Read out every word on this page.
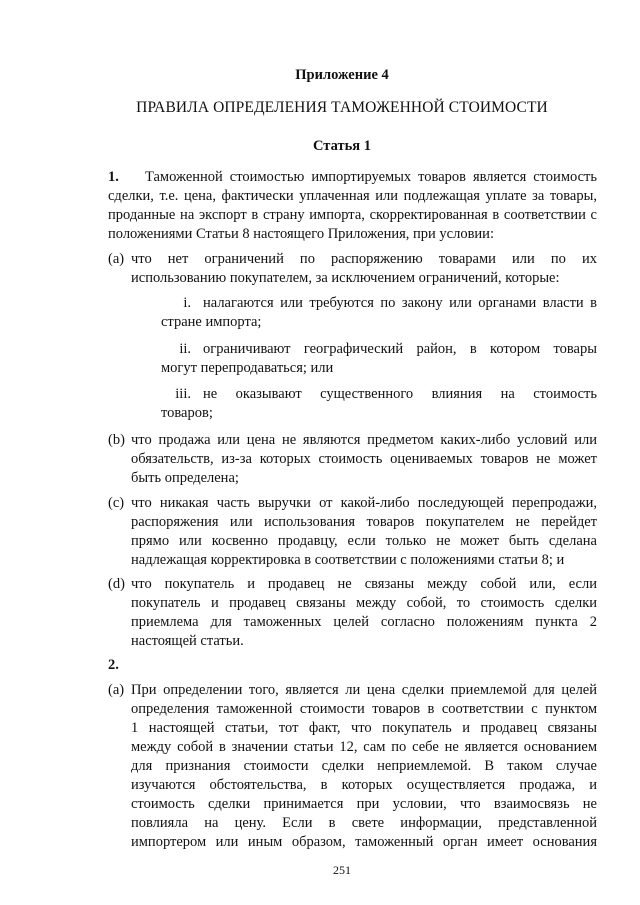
Приложение 4
ПРАВИЛА ОПРЕДЕЛЕНИЯ ТАМОЖЕННОЙ СТОИМОСТИ
Статья 1
1.	Таможенной стоимостью импортируемых товаров является стоимость
сделки, т.е. цена, фактически уплаченная или подлежащая уплате за товары,
проданные на экспорт в страну импорта, скорректированная в соответствии с
положениями Статьи 8 настоящего Приложения, при условии:
(a) что нет ограничений по распоряжению товарами или по их
использованию покупателем, за исключением ограничений, которые:
i. налагаются или требуются по закону или органами власти в
стране импорта;
ii. ограничивают географический район, в котором товары
могут перепродаваться; или
iii. не оказывают существенного влияния на стоимость
товаров;
(b) что продажа или цена не являются предметом каких-либо условий или
обязательств, из-за которых стоимость оцениваемых товаров не может
быть определена;
(c) что никакая часть выручки от какой-либо последующей перепродажи,
распоряжения или использования товаров покупателем не перейдет
прямо или косвенно продавцу, если только не может быть сделана
надлежащая корректировка в соответствии с положениями статьи 8; и
(d) что покупатель и продавец не связаны между собой или, если
покупатель и продавец связаны между собой, то стоимость сделки
приемлема для таможенных целей согласно положениям пункта 2
настоящей статьи.
2.
(a) При определении того, является ли цена сделки приемлемой для целей
определения таможенной стоимости товаров в соответствии с пунктом
1 настоящей статьи, тот факт, что покупатель и продавец связаны
между собой в значении статьи 12, сам по себе не является основанием
для признания стоимости сделки неприемлемой. В таком случае
изучаются обстоятельства, в которых осуществляется продажа, и
стоимость сделки принимается при условии, что взаимосвязь не
повлияла на цену. Если в свете информации, представленной
импортером или иным образом, таможенный орган имеет основания
251
